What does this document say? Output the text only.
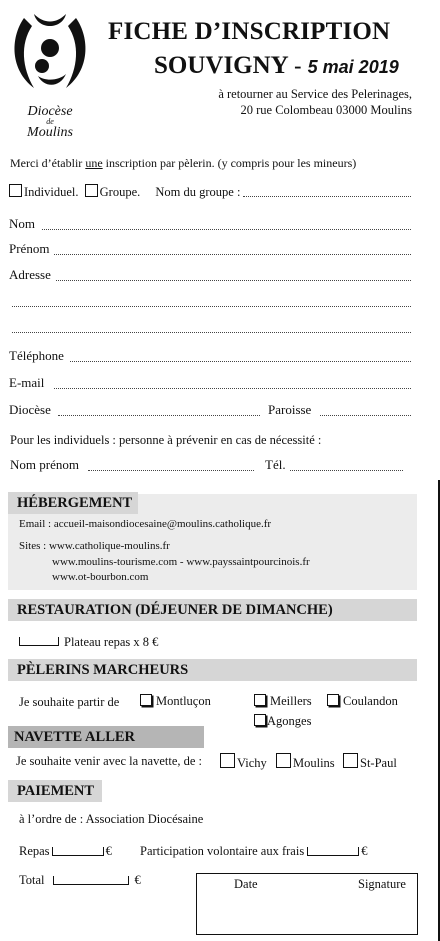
Diocèse
de
Moulins
FICHE D’INSCRIPTION
SOUVIGNY - 5 mai 2019
à retourner au Service des Pelerinages,
20 rue Colombeau 03000 Moulins
Merci d’établir une inscription par pèlerin. (y compris pour les mineurs)
Individuel. Groupe. Nom du groupe :
Nom
Prénom
Adresse
Téléphone
E-mail
Diocèse	Paroisse
Pour les individuels : personne à prévenir en cas de nécessité :
Nom prénom	Tél.
HÉBERGEMENT
Email : accueil-maisondiocesaine@moulins.catholique.fr
Sites : www.catholique-moulins.fr
www.moulins-tourisme.com - www.payssaintpourcinois.fr
www.ot-bourbon.com
RESTAURATION (DÉJEUNER DE DIMANCHE)
Plateau repas x 8 €
PÈLERINS MARCHEURS
Je souhaite partir de	Montluçon	Meillers	Coulandon
Agonges
NAVETTE ALLER
Je souhaite venir avec la navette, de :	Vichy	Moulins	St-Paul
PAIEMENT
à l’ordre de : Association Diocésaine
Repas	€ Participation volontaire aux frais	€
Total	€	Date	Signature
